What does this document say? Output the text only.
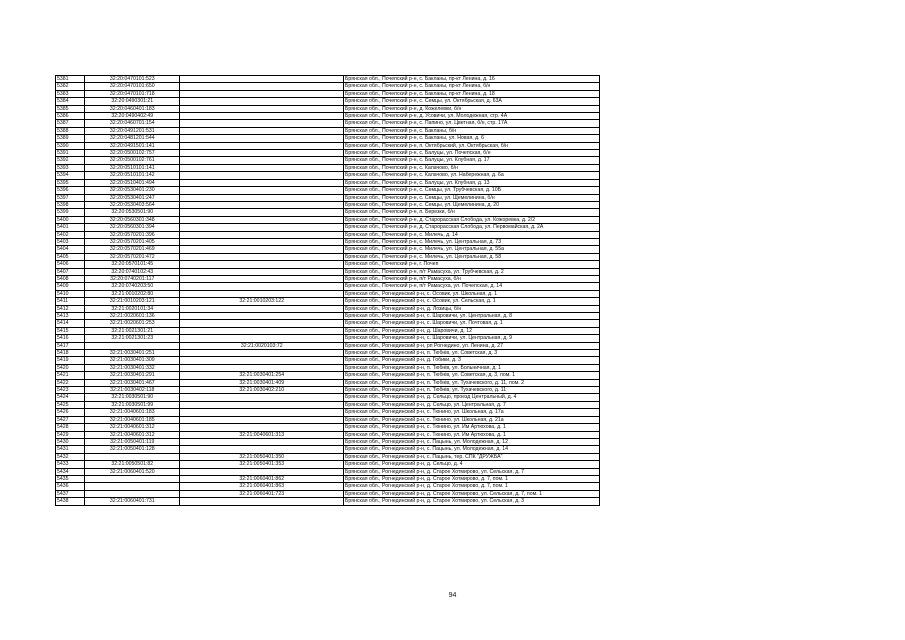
5381	32:20:0470101:523		Брянская обл., Почепский р-н, с. Бакланы, пр-кт Ленина, д. 16
5382	32:20:0470101:650		Брянская обл., Почепский р-н, с. Бакланы, пр-кт Ленина, б/н
5383	32:20:0470101:718		Брянская обл., Почепский р-н, с. Бакланы, пр-кт Ленина, д. 18
5384	32:20:0490301:21		Брянская обл., Почепский р-н, с. Семцы, ул. Октябрьская, д. 63А
5385	32:20:0460401:183		Брянская обл., Почепский р-н, д. Кожелевки, б/н
5386	32:20:0490402:49		Брянская обл., Почепский р-н, д. Усовичи, ул. Молодежная, стр. 4А
5387	32:20:0460701:154		Брянская обл., Почепский р-н, с. Папино, ул. Цветная, б/н, стр. 17А
5388	32:20:0491201:531		Брянская обл., Почепский р-н, с. Бакланы, б/н
5389	32:20:0481201:544		Брянская обл., Почепский р-н, с. Бакланы, ул. Новая, д. 6
5390	32:20:0491501:141		Брянская обл., Почепский р-н, п. Октябрьский, ул. Октябрьская, б/н
5391	32:20:0500102:757		Брянская обл., Почепский р-н, с. Балуцы, ул. Почепская, б/н
5392	32:20:0500102:761		Брянская обл., Почепский р-н, с. Балуцы, ул. Клубная, д. 17
5393	32:20:0510101:141		Брянская обл., Почепский р-н, с. Калачово, б/н
5394	32:20:0510101:142		Брянская обл., Почепский р-н, с. Калачово, ул. Набережная, д. 6а
5395	32:20:0510401:494		Брянская обл., Почепский р-н, с. Балуцы, ул. Клубная, д. 13
5396	32:20:0530401:230		Брянская обл., Почепский р-н, с. Семцы, ул. Трубчевская, д. 10Б
5397	32:20:0530401:247		Брянская обл., Почепский р-н, с. Семцы, ул. Щемелинина, б/н
5398	32:20:0530403:564		Брянская обл., Почепский р-н, с. Семцы, ул. Щемелинина, д. 20
5399	32:20:0530501:90		Брянская обл., Почепский р-н, п. Березки, б/н
5400	32:20:0560301:348		Брянская обл., Почепский р-н, д. Старорасская Слобода, ул. Кожоревка, д. 2/2
5401	32:20:0560301:394		Брянская обл., Почепский р-н, д. Старорасская Слобода, ул. Первомайская, д. 2А
5402	32:20:0570201:396		Брянская обл., Почепский р-н, с. Милечь, д. 14
5403	32:20:0570201:405		Брянская обл., Почепский р-н, с. Милечь, ул. Центральная, д. 73
5404	32:20:0570201:469		Брянская обл., Почепский р-н, с. Милечь, ул. Центральная, д. 55а
5405	32:20:0570201:472		Брянская обл., Почепский р-н, с. Милечь, ул. Центральная, д. 58
5406	32:20:0570101:45		Брянская обл., Почепский р-н, г. Почеп
5407	32:20:0740102:43		Брянская обл., Почепский р-н, п/т Рамасуха, ул. Трубчевская, д. 2
5408	32:20:0740201:117		Брянская обл., Почепский р-н, п/т Рамасуха, б/н
5409	32:20:0740203:50		Брянская обл., Почепский р-н, п/т Рамасуха, ул. Почепская, д. 14
5410	32:21:0010202:80		Брянская обл., Рогнединский р-н, с. Осовик, ул. Школьная, д. 1
5411	32:21:0010203:121	32:21:0010203:122	Брянская обл., Рогнединский р-н, с. Осовик, ул. Сельская, д. 1
5412	32:21:0020101:34		Брянская обл., Рогнединский р-н, д. Лозицы, б/н
5413	32:21:0020601:136		Брянская обл., Рогнединский р-н, с. Шаровичи, ул. Центральная, д. 8
5414	32:21:0020601:253		Брянская обл., Рогнединский р-н, с. Шаровичи, ул. Почтовая, д. 1
5415	32:21:0021301:21		Брянская обл., Рогнединский р-н, д. Шаровичи, д. 12
5416	32:21:0021301:23		Брянская обл., Рогнединский р-н, с. Шаровичи, ул. Центральная, д. 9
5417		32:21:0020103:72	Брянская обл., Рогнединский р-н, рп Рогнедино, ул. Ленина, д. 27
5418	32:21:0030401:251		Брянская обл., Рогнединский р-н, п. Тюбнів, ул. Советская, д. 3
5419	32:21:0030401:309		Брянская обл., Рогнединский р-н, д. Гобики, д. 3
5420	32:21:0030401:332		Брянская обл., Рогнединский р-н, п. Тюбнів, ул. Больничная, д. 1
5421	32:21:0030401:291	32:21:0030401:254	Брянская обл., Рогнединский р-н, п. Тюбнів, ул. Советская, д. 3, пом. 1
5422	32:21:0030401:467	32:21:0030401:409	Брянская обл., Рогнединский р-н, п. Тюбнів, ул. Тухачевского, д. 11, пом. 2
5423	32:21:0030402:118	32:21:0030402:210	Брянская обл., Рогнединский р-н, п. Тюбнів, ул. Тухачевского, д. 11
5424	32:21:0030501:90		Брянская обл., Рогнединский р-н, д. Сельцо, проезд Центральный, д. 4
5425	32:21:0030501:99		Брянская обл., Рогнединский р-н, д. Сельцо, ул. Центральная, д. 7
5426	32:21:0040601:183		Брянская обл., Рогнединский р-н, с. Тюнино, ул. Школьная, д. 17а
5427	32:21:0040601:185		Брянская обл., Рогнединский р-н, с. Тюнино, ул. Школьная, д. 21а
5428	32:21:0040601:312		Брянская обл., Рогнединский р-н, с. Тюнино, ул. Им Артюхова, д. 1
5429	32:21:0040601:312	32:21:0040601:313	Брянская обл., Рогнединский р-н, с. Тюнино, ул. Им Артюхова, д. 1
5430	32:21:0050401:119		Брянская обл., Рогнединский р-н, с. Пацынь, ул. Молодежная, д. 12
5431	32:21:0050401:128		Брянская обл., Рогнединский р-н, с. Пацынь, ул. Молодежная, д. 14
5432		32:21:0050401:350	Брянская обл., Рогнединский р-н, с. Пацынь, тер. СПК "ДРУЖБА"
5433	32:21:0050501:82	32:21:0050401:353	Брянская обл., Рогнединский р-н, д. Сельцо, д. 4
5434	32:21:0060401:520		Брянская обл., Рогнединский р-н, д. Старое Хотмирово, ул. Сельская, д. 7
5435		32:21:0060401:862	Брянская обл., Рогнединский р-н, д. Старое Хотмирово, д. 7, пом. 1
5436		32:21:0060401:863	Брянская обл., Рогнединский р-н, д. Старое Хотмирово, д. 7, пом. 1
5437		32:21:0060401:723	Брянская обл., Рогнединский р-н, д. Старое Хотмирово, ул. Сельская, д. 7, пом. 1
5438	32:21:0060401:731		Брянская обл., Рогнединский р-н, д. Старое Хотмирово, ул. Сельская, д. 3
94
